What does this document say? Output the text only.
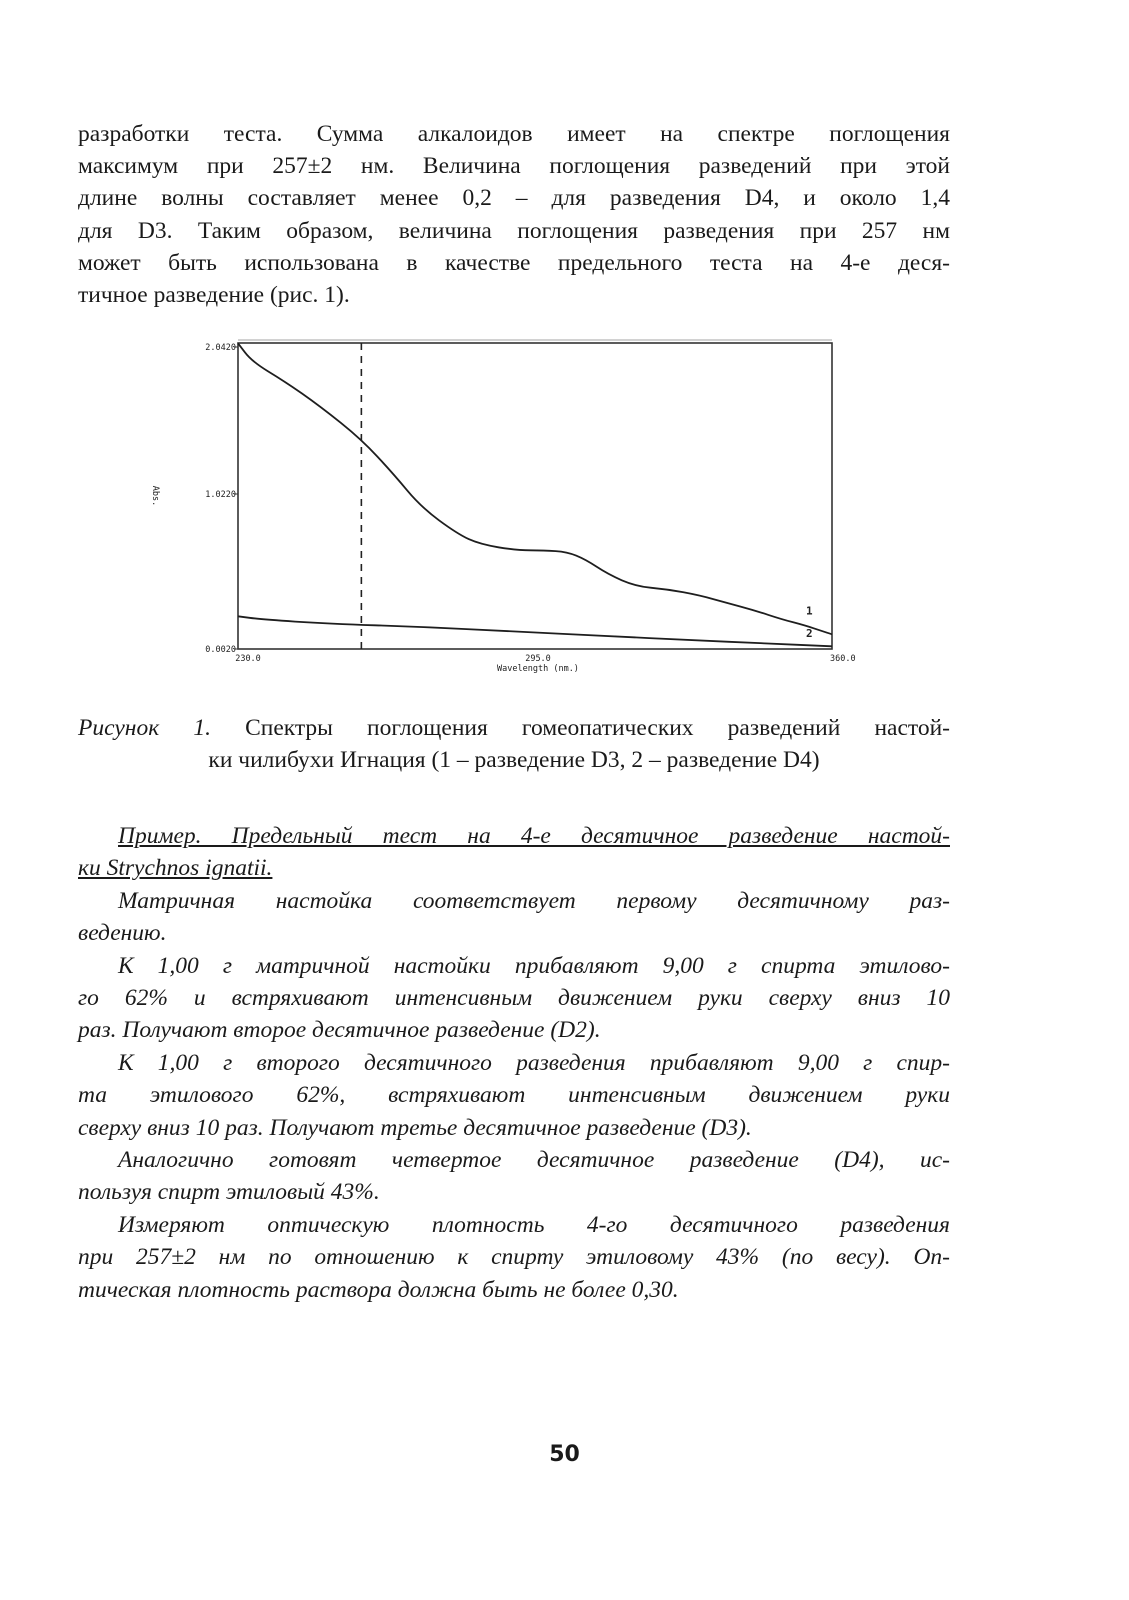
разработки теста. Сумма алкалоидов имеет на спектре поглощения
максимум при 257±2 нм. Величина поглощения разведений при этой
длине волны составляет менее 0,2 – для разведения D4, и около 1,4
для D3. Таким образом, величина поглощения разведения при 257 нм
может быть использована в качестве предельного теста на 4-е деся-
тичное разведение (рис. 1).
2.0420
1.0220
0.0020
230.0	295.0	360.0
Wavelength (nm.)
Abs.
1
2
Рисунок 1. Спектры поглощения гомеопатических разведений настой-
ки чилибухи Игнация (1 – разведение D3, 2 – разведение D4)
Пример. Предельный тест на 4-е десятичное разведение настой-
ки Strychnos ignatii.
Матричная настойка соответствует первому десятичному раз-
ведению.
К 1,00 г матричной настойки прибавляют 9,00 г спирта этилово-
го 62% и встряхивают интенсивным движением руки сверху вниз 10
раз. Получают второе десятичное разведение (D2).
К 1,00 г второго десятичного разведения прибавляют 9,00 г спир-
та этилового 62%, встряхивают интенсивным движением руки
сверху вниз 10 раз. Получают третье десятичное разведение (D3).
Аналогично готовят четвертое десятичное разведение (D4), ис-
пользуя спирт этиловый 43%.
Измеряют оптическую плотность 4-го десятичного разведения
при 257±2 нм по отношению к спирту этиловому 43% (по весу). Оп-
тическая плотность раствора должна быть не более 0,30.
50
